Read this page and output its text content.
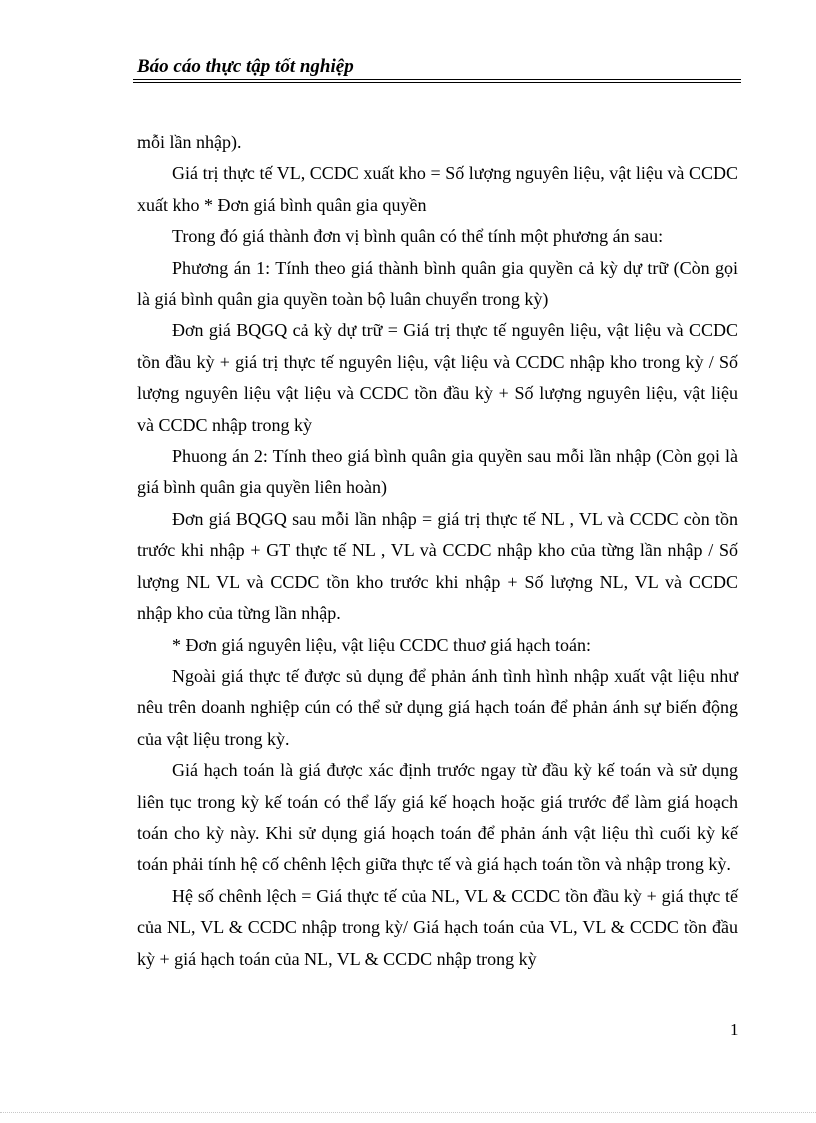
Báo cáo thực tập tốt nghiệp

mỗi lần nhập).

Giá trị thực tế VL, CCDC xuất kho = Số lượng nguyên liệu, vật liệu và CCDC xuất kho * Đơn giá bình quân gia quyền

Trong đó giá thành đơn vị bình quân có thể tính một phương án sau:

Phương án 1: Tính theo giá thành bình quân gia quyền cả kỳ dự trữ (Còn gọi là giá bình quân gia quyền toàn bộ luân chuyển trong kỳ)

Đơn giá BQGQ cả kỳ dự trữ = Giá trị thực tế nguyên liệu, vật liệu và CCDC tồn đầu kỳ + giá trị thực tế nguyên liệu, vật liệu và CCDC nhập kho trong kỳ / Số lượng nguyên liệu vật liệu và CCDC tồn đầu kỳ + Số lượng nguyên liệu, vật liệu và CCDC nhập trong kỳ

Phuong án 2: Tính theo giá bình quân gia quyền sau mỗi lần nhập (Còn gọi là giá bình quân gia quyền liên hoàn)

Đơn giá BQGQ sau mỗi lần nhập = giá trị thực tế NL , VL và CCDC còn tồn trước khi nhập + GT thực tế NL , VL và CCDC nhập kho của từng lần nhập / Số lượng NL VL và CCDC tồn kho trước khi nhập + Số lượng NL, VL và CCDC nhập kho của từng lần nhập.

* Đơn giá nguyên liệu, vật liệu CCDC thuơ giá hạch toán:

Ngoài giá thực tế được sủ dụng để phản ánh tình hình nhập xuất vật liệu như nêu trên doanh nghiệp cún có thể sử dụng giá hạch toán để phản ánh sự biến động của vật liệu trong kỳ.

Giá hạch toán là giá được xác định trước ngay từ đầu kỳ kế toán và sử dụng liên tục trong kỳ kế toán có thể lấy giá kế hoạch hoặc giá trước để làm giá hoạch toán cho kỳ này. Khi sử dụng giá hoạch toán để phản ánh vật liệu thì cuối kỳ kế toán phải tính hệ cố chênh lệch giữa thực tế và giá hạch toán tồn và nhập trong kỳ.

Hệ số chênh lệch = Giá thực tế của NL, VL & CCDC tồn đầu kỳ + giá thực tế của NL, VL & CCDC nhập trong kỳ/ Giá hạch toán của VL, VL & CCDC tồn đầu kỳ + giá hạch toán của NL, VL & CCDC nhập trong kỳ

1
